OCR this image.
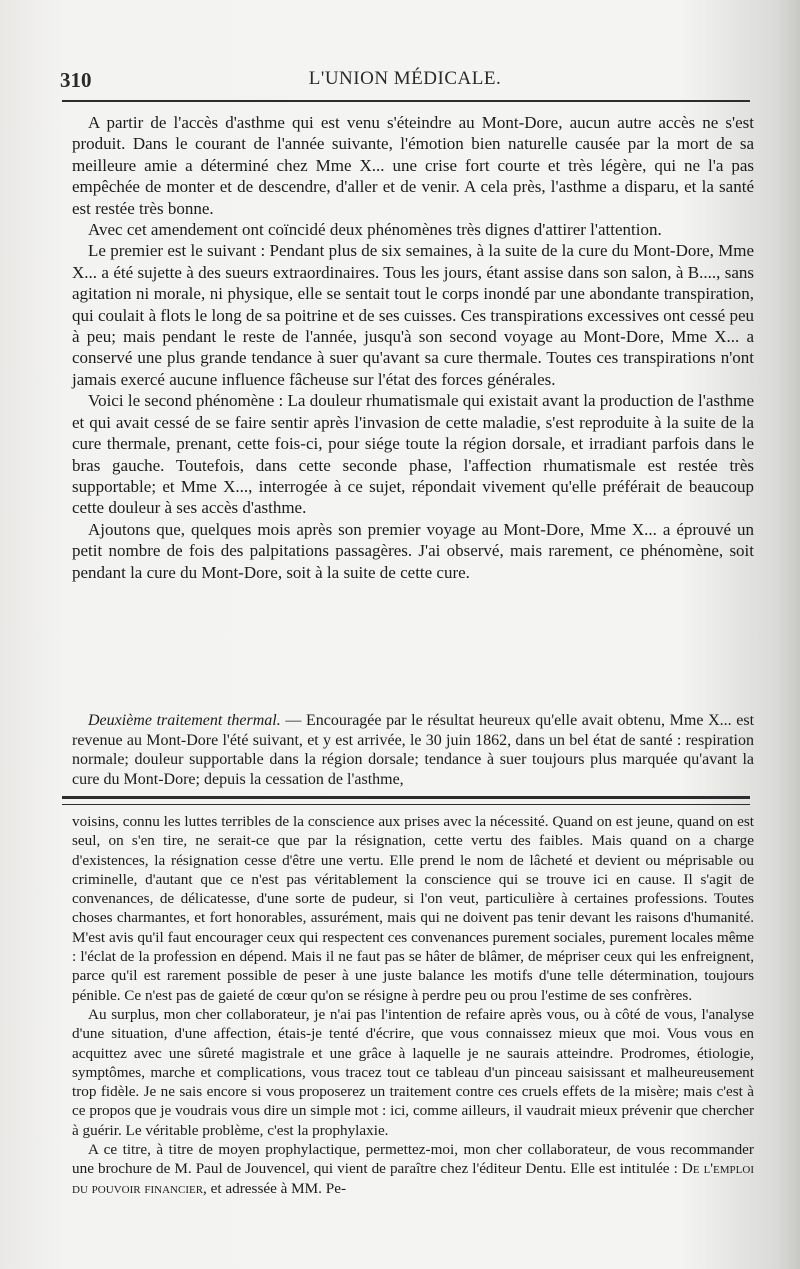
310	L'UNION MÉDICALE.

A partir de l'accès d'asthme qui est venu s'éteindre au Mont-Dore, aucun autre accès ne s'est produit. Dans le courant de l'année suivante, l'émotion bien naturelle causée par la mort de sa meilleure amie a déterminé chez Mme X... une crise fort courte et très légère, qui ne l'a pas empêchée de monter et de descendre, d'aller et de venir. A cela près, l'asthme a disparu, et la santé est restée très bonne.

Avec cet amendement ont coïncidé deux phénomènes très dignes d'attirer l'attention.

Le premier est le suivant : Pendant plus de six semaines, à la suite de la cure du Mont-Dore, Mme X... a été sujette à des sueurs extraordinaires. Tous les jours, étant assise dans son salon, à B...., sans agitation ni morale, ni physique, elle se sentait tout le corps inondé par une abondante transpiration, qui coulait à flots le long de sa poitrine et de ses cuisses. Ces transpirations excessives ont cessé peu à peu; mais pendant le reste de l'année, jusqu'à son second voyage au Mont-Dore, Mme X... a conservé une plus grande tendance à suer qu'avant sa cure thermale. Toutes ces transpirations n'ont jamais exercé aucune influence fâcheuse sur l'état des forces générales.

Voici le second phénomène : La douleur rhumatismale qui existait avant la production de l'asthme et qui avait cessé de se faire sentir après l'invasion de cette maladie, s'est reproduite à la suite de la cure thermale, prenant, cette fois-ci, pour siége toute la région dorsale, et irradiant parfois dans le bras gauche. Toutefois, dans cette seconde phase, l'affection rhumatismale est restée très supportable; et Mme X..., interrogée à ce sujet, répondait vivement qu'elle préférait de beaucoup cette douleur à ses accès d'asthme.

Ajoutons que, quelques mois après son premier voyage au Mont-Dore, Mme X... a éprouvé un petit nombre de fois des palpitations passagères. J'ai observé, mais rarement, ce phénomène, soit pendant la cure du Mont-Dore, soit à la suite de cette cure.

Deuxième traitement thermal. — Encouragée par le résultat heureux qu'elle avait obtenu, Mme X... est revenue au Mont-Dore l'été suivant, et y est arrivée, le 30 juin 1862, dans un bel état de santé : respiration normale; douleur supportable dans la région dorsale; tendance à suer toujours plus marquée qu'avant la cure du Mont-Dore; depuis la cessation de l'asthme,

voisins, connu les luttes terribles de la conscience aux prises avec la nécessité. Quand on est jeune, quand on est seul, on s'en tire, ne serait-ce que par la résignation, cette vertu des faibles. Mais quand on a charge d'existences, la résignation cesse d'être une vertu. Elle prend le nom de lâcheté et devient ou méprisable ou criminelle, d'autant que ce n'est pas véritablement la conscience qui se trouve ici en cause. Il s'agit de convenances, de délicatesse, d'une sorte de pudeur, si l'on veut, particulière à certaines professions. Toutes choses charmantes, et fort honorables, assurément, mais qui ne doivent pas tenir devant les raisons d'humanité. M'est avis qu'il faut encourager ceux qui respectent ces convenances purement sociales, purement locales même : l'éclat de la profession en dépend. Mais il ne faut pas se hâter de blâmer, de mépriser ceux qui les enfreignent, parce qu'il est rarement possible de peser à une juste balance les motifs d'une telle détermination, toujours pénible. Ce n'est pas de gaieté de cœur qu'on se résigne à perdre peu ou prou l'estime de ses confrères.

Au surplus, mon cher collaborateur, je n'ai pas l'intention de refaire après vous, ou à côté de vous, l'analyse d'une situation, d'une affection, étais-je tenté d'écrire, que vous connaissez mieux que moi. Vous vous en acquittez avec une sûreté magistrale et une grâce à laquelle je ne saurais atteindre. Prodromes, étiologie, symptômes, marche et complications, vous tracez tout ce tableau d'un pinceau saisissant et malheureusement trop fidèle. Je ne sais encore si vous proposerez un traitement contre ces cruels effets de la misère; mais c'est à ce propos que je voudrais vous dire un simple mot : ici, comme ailleurs, il vaudrait mieux prévenir que chercher à guérir. Le véritable problème, c'est la prophylaxie.

A ce titre, à titre de moyen prophylactique, permettez-moi, mon cher collaborateur, de vous recommander une brochure de M. Paul de Jouvencel, qui vient de paraître chez l'éditeur Dentu. Elle est intitulée : De l'emploi du pouvoir financier, et adressée à MM. Pe-
